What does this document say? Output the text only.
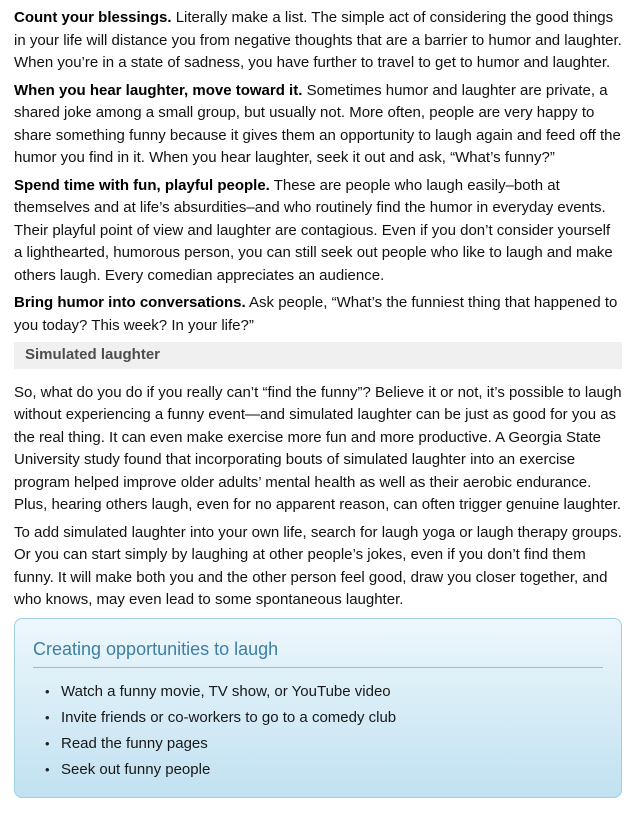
Count your blessings. Literally make a list. The simple act of considering the good things in your life will distance you from negative thoughts that are a barrier to humor and laughter. When you’re in a state of sadness, you have further to travel to get to humor and laughter.

When you hear laughter, move toward it. Sometimes humor and laughter are private, a shared joke among a small group, but usually not. More often, people are very happy to share something funny because it gives them an opportunity to laugh again and feed off the humor you find in it. When you hear laughter, seek it out and ask, “What’s funny?”

Spend time with fun, playful people. These are people who laugh easily–both at themselves and at life’s absurdities–and who routinely find the humor in everyday events. Their playful point of view and laughter are contagious. Even if you don’t consider yourself a lighthearted, humorous person, you can still seek out people who like to laugh and make others laugh. Every comedian appreciates an audience.

Bring humor into conversations. Ask people, “What’s the funniest thing that happened to you today? This week? In your life?”

Simulated laughter

So, what do you do if you really can’t “find the funny”? Believe it or not, it’s possible to laugh without experiencing a funny event—and simulated laughter can be just as good for you as the real thing. It can even make exercise more fun and more productive. A Georgia State University study found that incorporating bouts of simulated laughter into an exercise program helped improve older adults’ mental health as well as their aerobic endurance. Plus, hearing others laugh, even for no apparent reason, can often trigger genuine laughter.

To add simulated laughter into your own life, search for laugh yoga or laugh therapy groups. Or you can start simply by laughing at other people’s jokes, even if you don’t find them funny. It will make both you and the other person feel good, draw you closer together, and who knows, may even lead to some spontaneous laughter.

Creating opportunities to laugh
• Watch a funny movie, TV show, or YouTube video
• Invite friends or co-workers to go to a comedy club
• Read the funny pages
• Seek out funny people
